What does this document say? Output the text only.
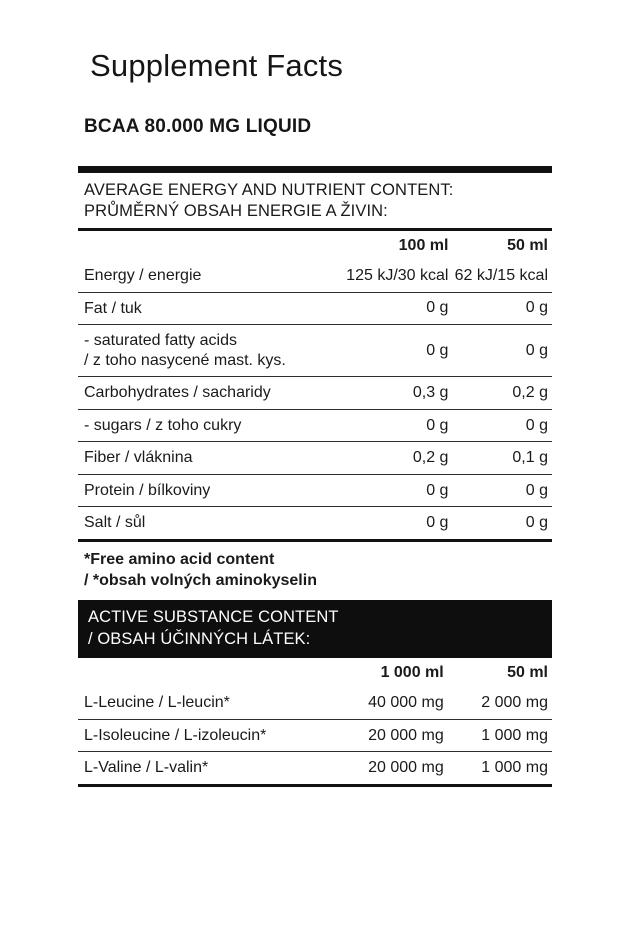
Supplement Facts
BCAA 80.000 MG LIQUID
AVERAGE ENERGY AND NUTRIENT CONTENT:
PRŮMĚRNÝ OBSAH ENERGIE A ŽIVIN:
	100 ml	50 ml
Energy / energie	125 kJ/30 kcal	62 kJ/15 kcal
Fat / tuk	0 g	0 g

- saturated fatty acids
/ z toho nasycené mast. kys.	0 g	0 g
Carbohydrates / sacharidy	0,3 g	0,2 g
- sugars / z toho cukry	0 g	0 g
Fiber / vláknina	0,2 g	0,1 g
Protein / bílkoviny	0 g	0 g
Salt / sůl	0 g	0 g
*Free amino acid content
/ *obsah volných aminokyselin
ACTIVE SUBSTANCE CONTENT
/ OBSAH ÚČINNÝCH LÁTEK:
	1 000 ml	50 ml
L-Leucine / L-leucin*	40 000 mg	2 000 mg
L-Isoleucine / L-izoleucin*	20 000 mg	1 000 mg
L-Valine / L-valin*	20 000 mg	1 000 mg
